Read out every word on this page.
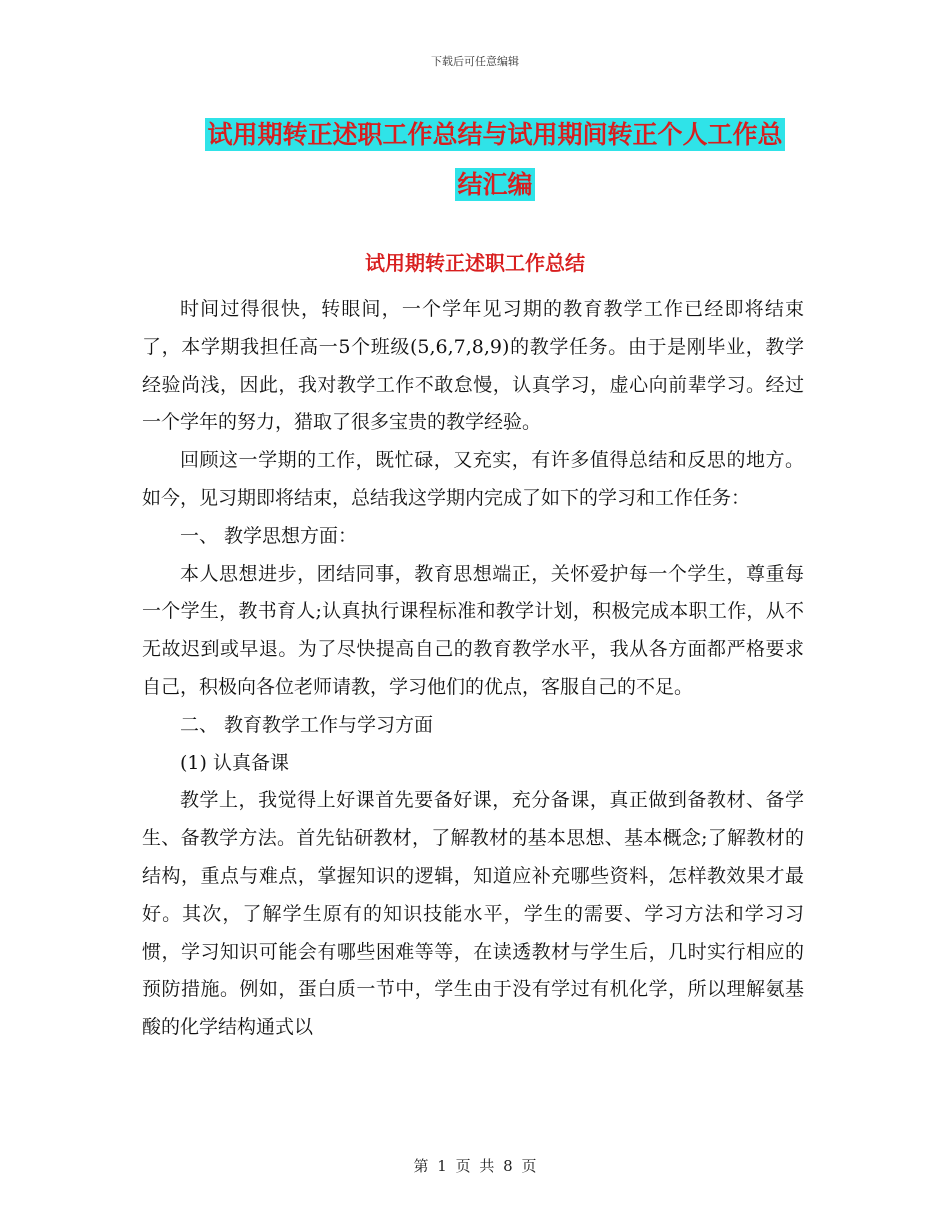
下载后可任意编辑
试用期转正述职工作总结与试用期间转正个人工作总
结汇编
试用期转正述职工作总结

时间过得很快，转眼间，一个学年见习期的教育教学工作已经即将结束了，本学期我担任高一5个班级(5,6,7,8,9)的教学任务。由于是刚毕业，教学经验尚浅，因此，我对教学工作不敢怠慢，认真学习，虚心向前辈学习。经过一个学年的努力，猎取了很多宝贵的教学经验。

回顾这一学期的工作，既忙碌，又充实，有许多值得总结和反思的地方。如今，见习期即将结束，总结我这学期内完成了如下的学习和工作任务：

一、 教学思想方面：

本人思想进步，团结同事，教育思想端正，关怀爱护每一个学生，尊重每一个学生，教书育人;认真执行课程标准和教学计划，积极完成本职工作，从不无故迟到或早退。为了尽快提高自己的教育教学水平，我从各方面都严格要求自己，积极向各位老师请教，学习他们的优点，客服自己的不足。

二、 教育教学工作与学习方面

(1) 认真备课

教学上，我觉得上好课首先要备好课，充分备课，真正做到备教材、备学生、备教学方法。首先钻研教材，了解教材的基本思想、基本概念;了解教材的结构，重点与难点，掌握知识的逻辑，知道应补充哪些资料，怎样教效果才最好。其次，了解学生原有的知识技能水平，学生的需要、学习方法和学习习惯，学习知识可能会有哪些困难等等，在读透教材与学生后，几时实行相应的预防措施。例如，蛋白质一节中，学生由于没有学过有机化学，所以理解氨基酸的化学结构通式以

第 1 页 共 8 页
